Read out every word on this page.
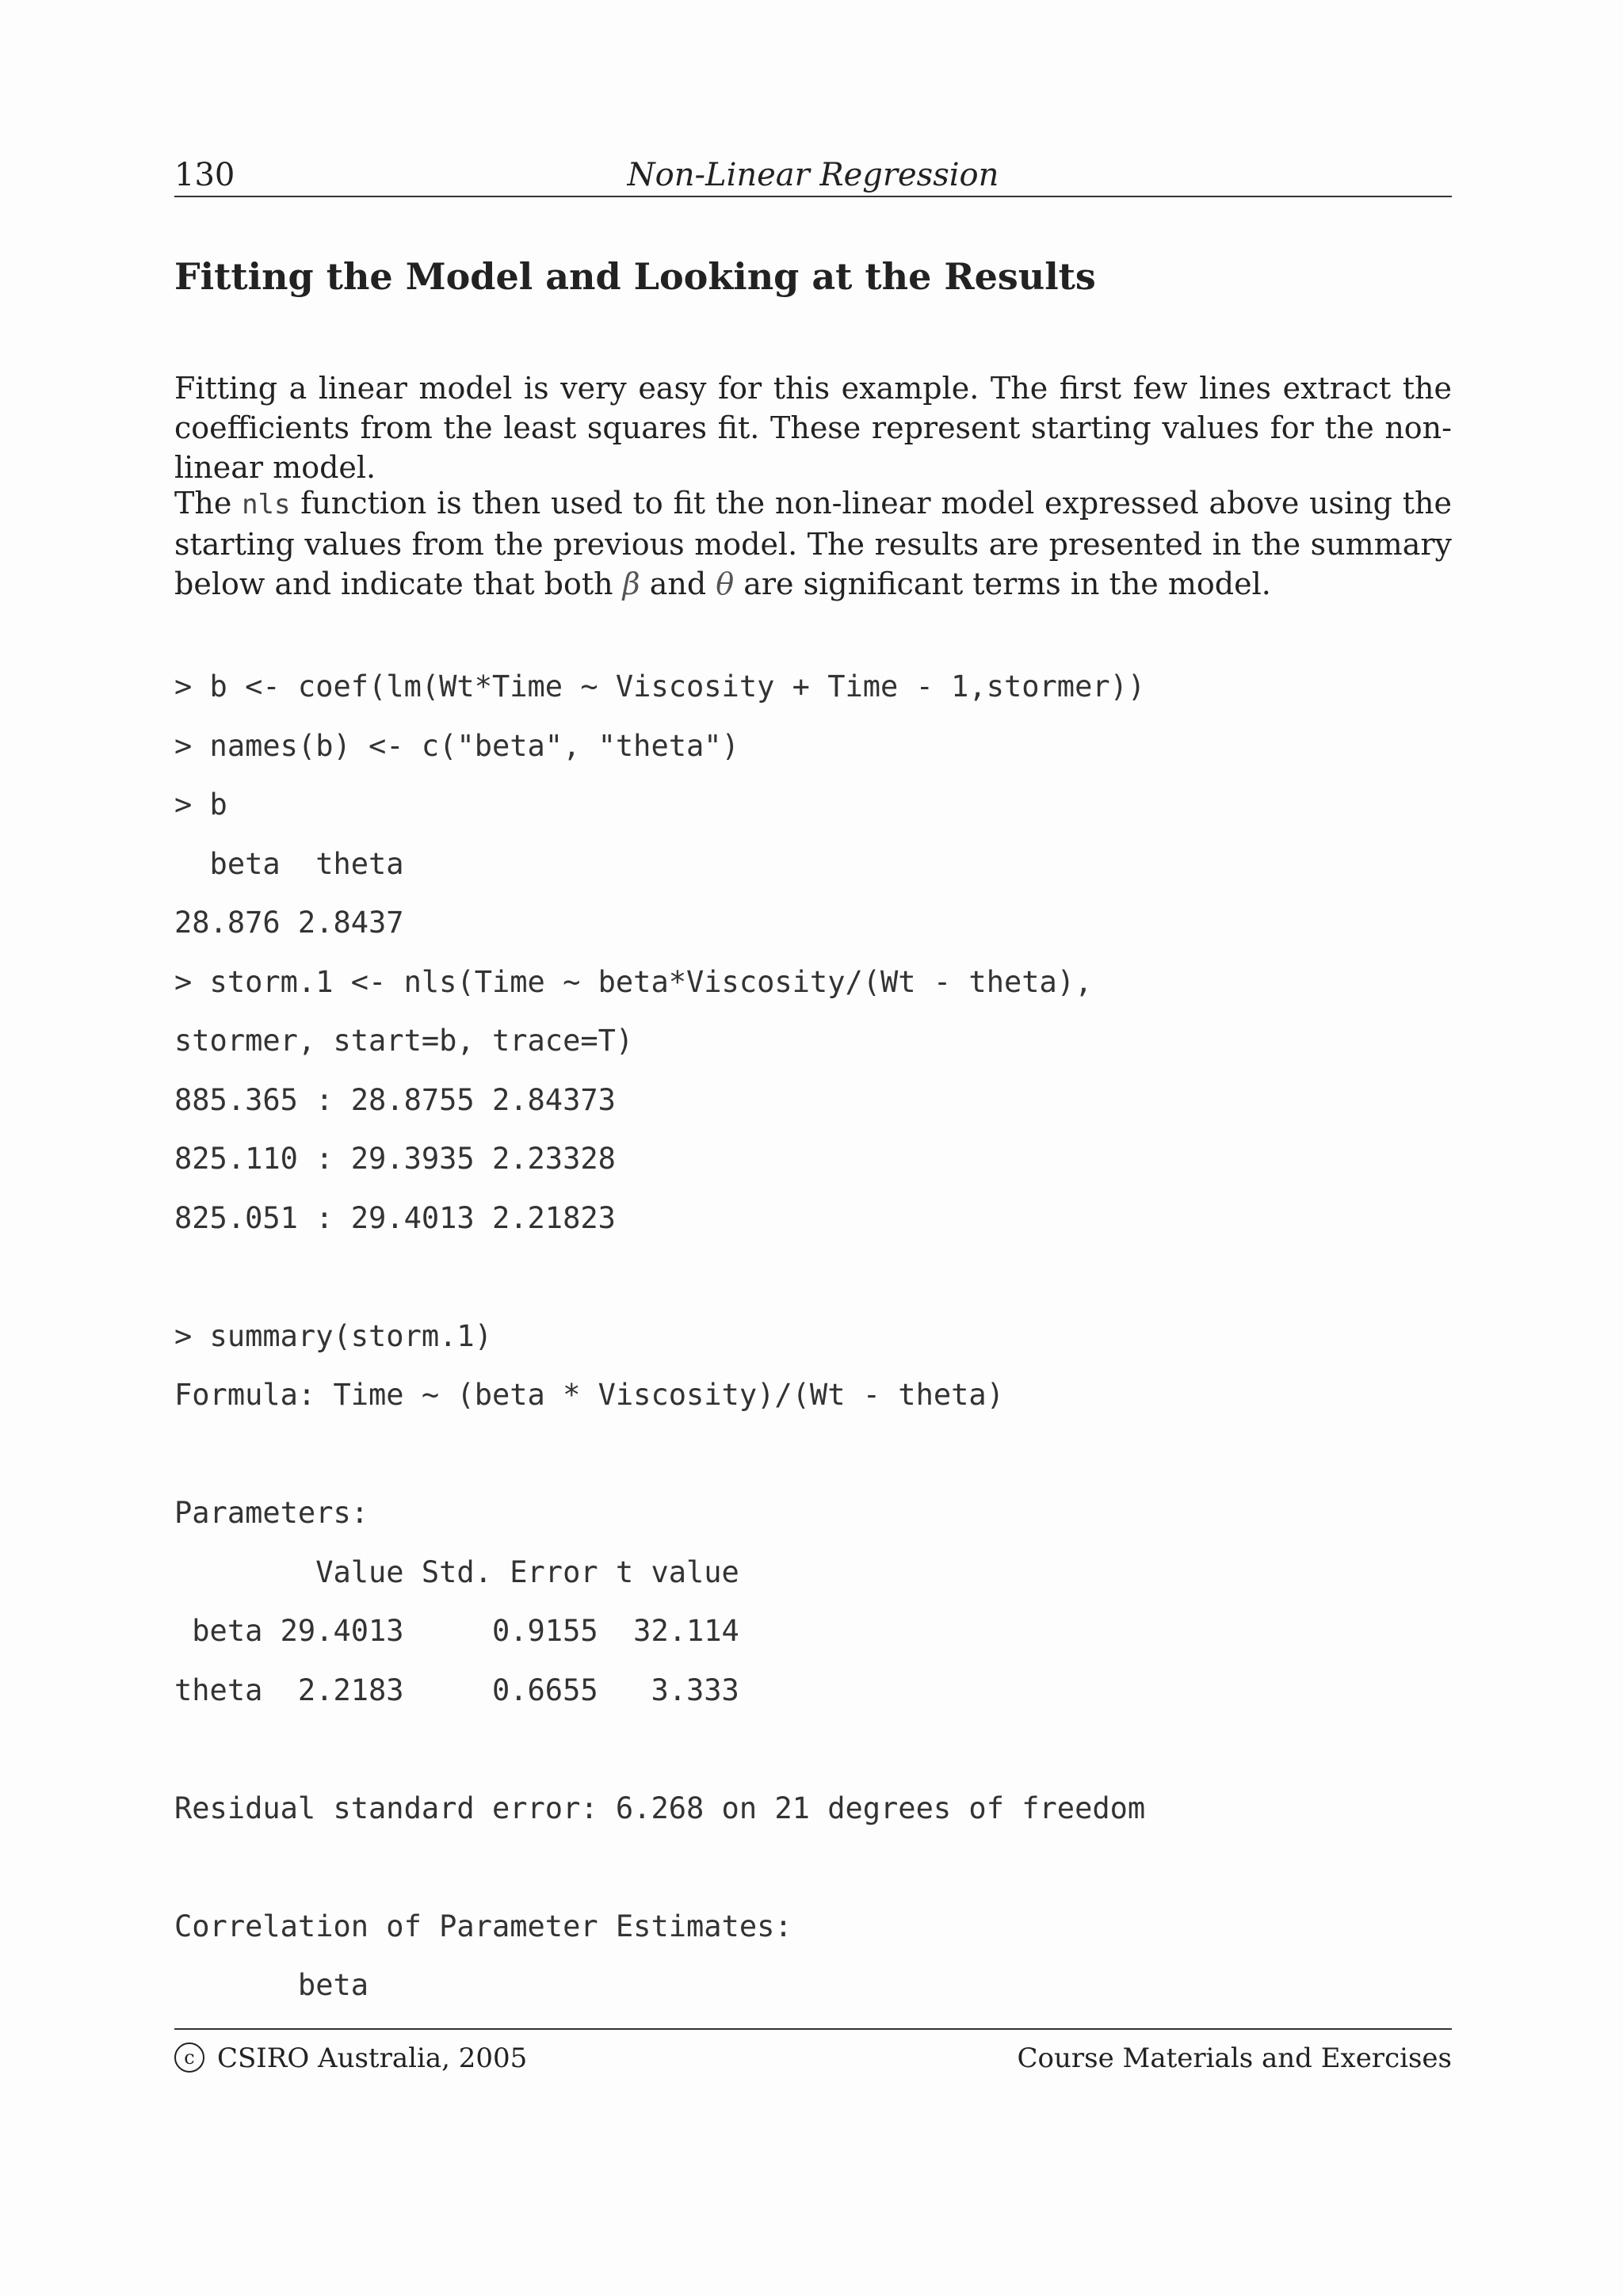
130	Non-Linear Regression
Fitting the Model and Looking at the Results

Fitting a linear model is very easy for this example. The first few lines extract the coefficients from the least squares fit. These represent starting values for the non-linear model.

The nls function is then used to fit the non-linear model expressed above using the starting values from the previous model. The results are presented in the summary below and indicate that both β and θ are significant terms in the model.

> b <- coef(lm(Wt*Time ~ Viscosity + Time - 1,stormer))
> names(b) <- c("beta", "theta")
> b
beta  theta
28.876 2.8437
> storm.1 <- nls(Time ~ beta*Viscosity/(Wt - theta),
stormer, start=b, trace=T)
885.365 : 28.8755 2.84373
825.110 : 29.3935 2.23328
825.051 : 29.4013 2.21823
> summary(storm.1)
Formula: Time ~ (beta * Viscosity)/(Wt - theta)
Parameters:
Value Std. Error t value
beta 29.4013     0.9155  32.114
theta  2.2183     0.6655   3.333
Residual standard error: 6.268 on 21 degrees of freedom
Correlation of Parameter Estimates:
beta
c CSIRO Australia, 2005	Course Materials and Exercises
